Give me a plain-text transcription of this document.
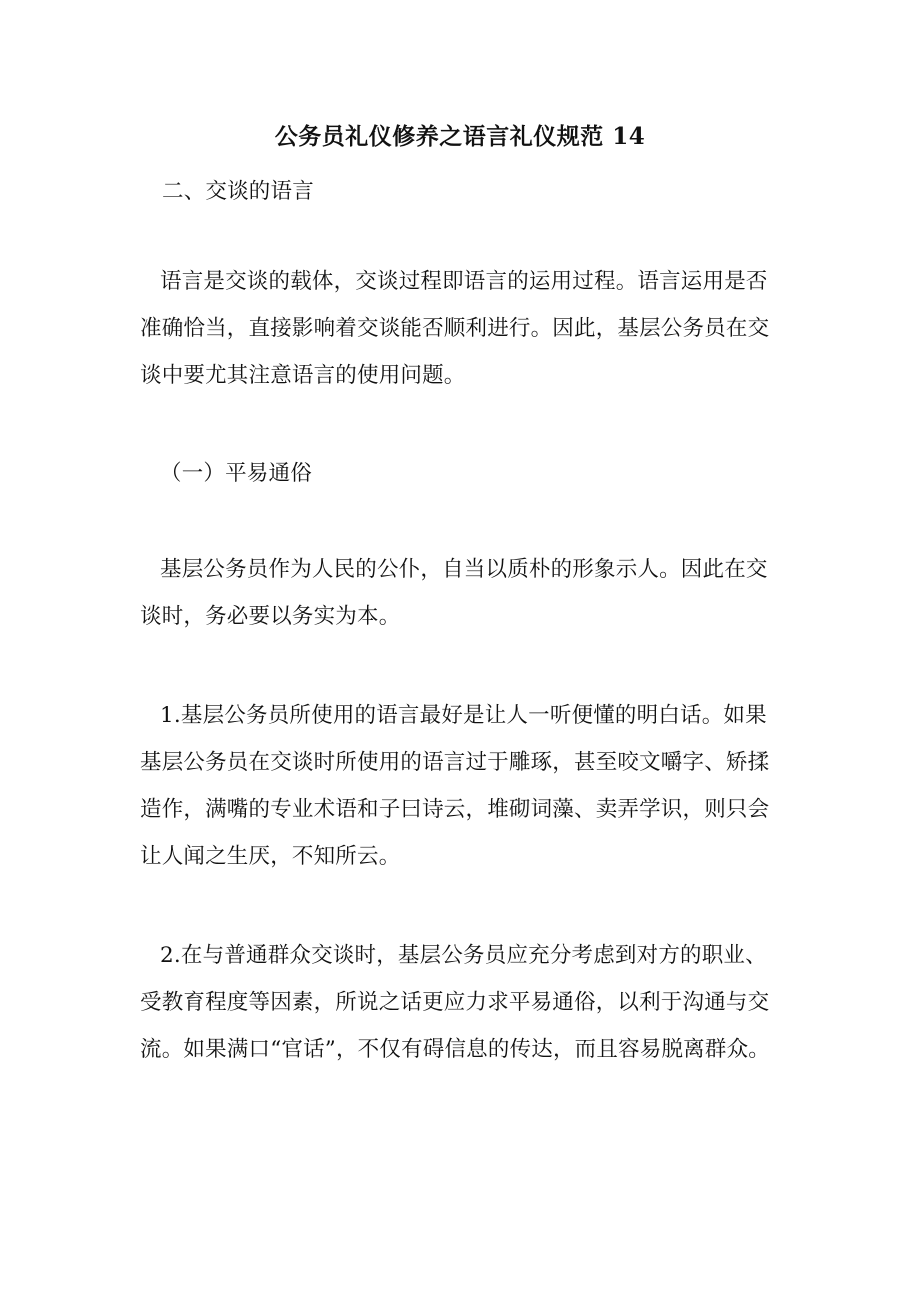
公务员礼仪修养之语言礼仪规范 14

二、交谈的语言

语言是交谈的载体，交谈过程即语言的运用过程。语言运用是否准确恰当，直接影响着交谈能否顺利进行。因此，基层公务员在交谈中要尤其注意语言的使用问题。

（一）平易通俗

基层公务员作为人民的公仆，自当以质朴的形象示人。因此在交谈时，务必要以务实为本。

1.基层公务员所使用的语言最好是让人一听便懂的明白话。如果基层公务员在交谈时所使用的语言过于雕琢，甚至咬文嚼字、矫揉造作，满嘴的专业术语和子曰诗云，堆砌词藻、卖弄学识，则只会让人闻之生厌，不知所云。

2.在与普通群众交谈时，基层公务员应充分考虑到对方的职业、受教育程度等因素，所说之话更应力求平易通俗，以利于沟通与交流。如果满口“官话”，不仅有碍信息的传达，而且容易脱离群众。
